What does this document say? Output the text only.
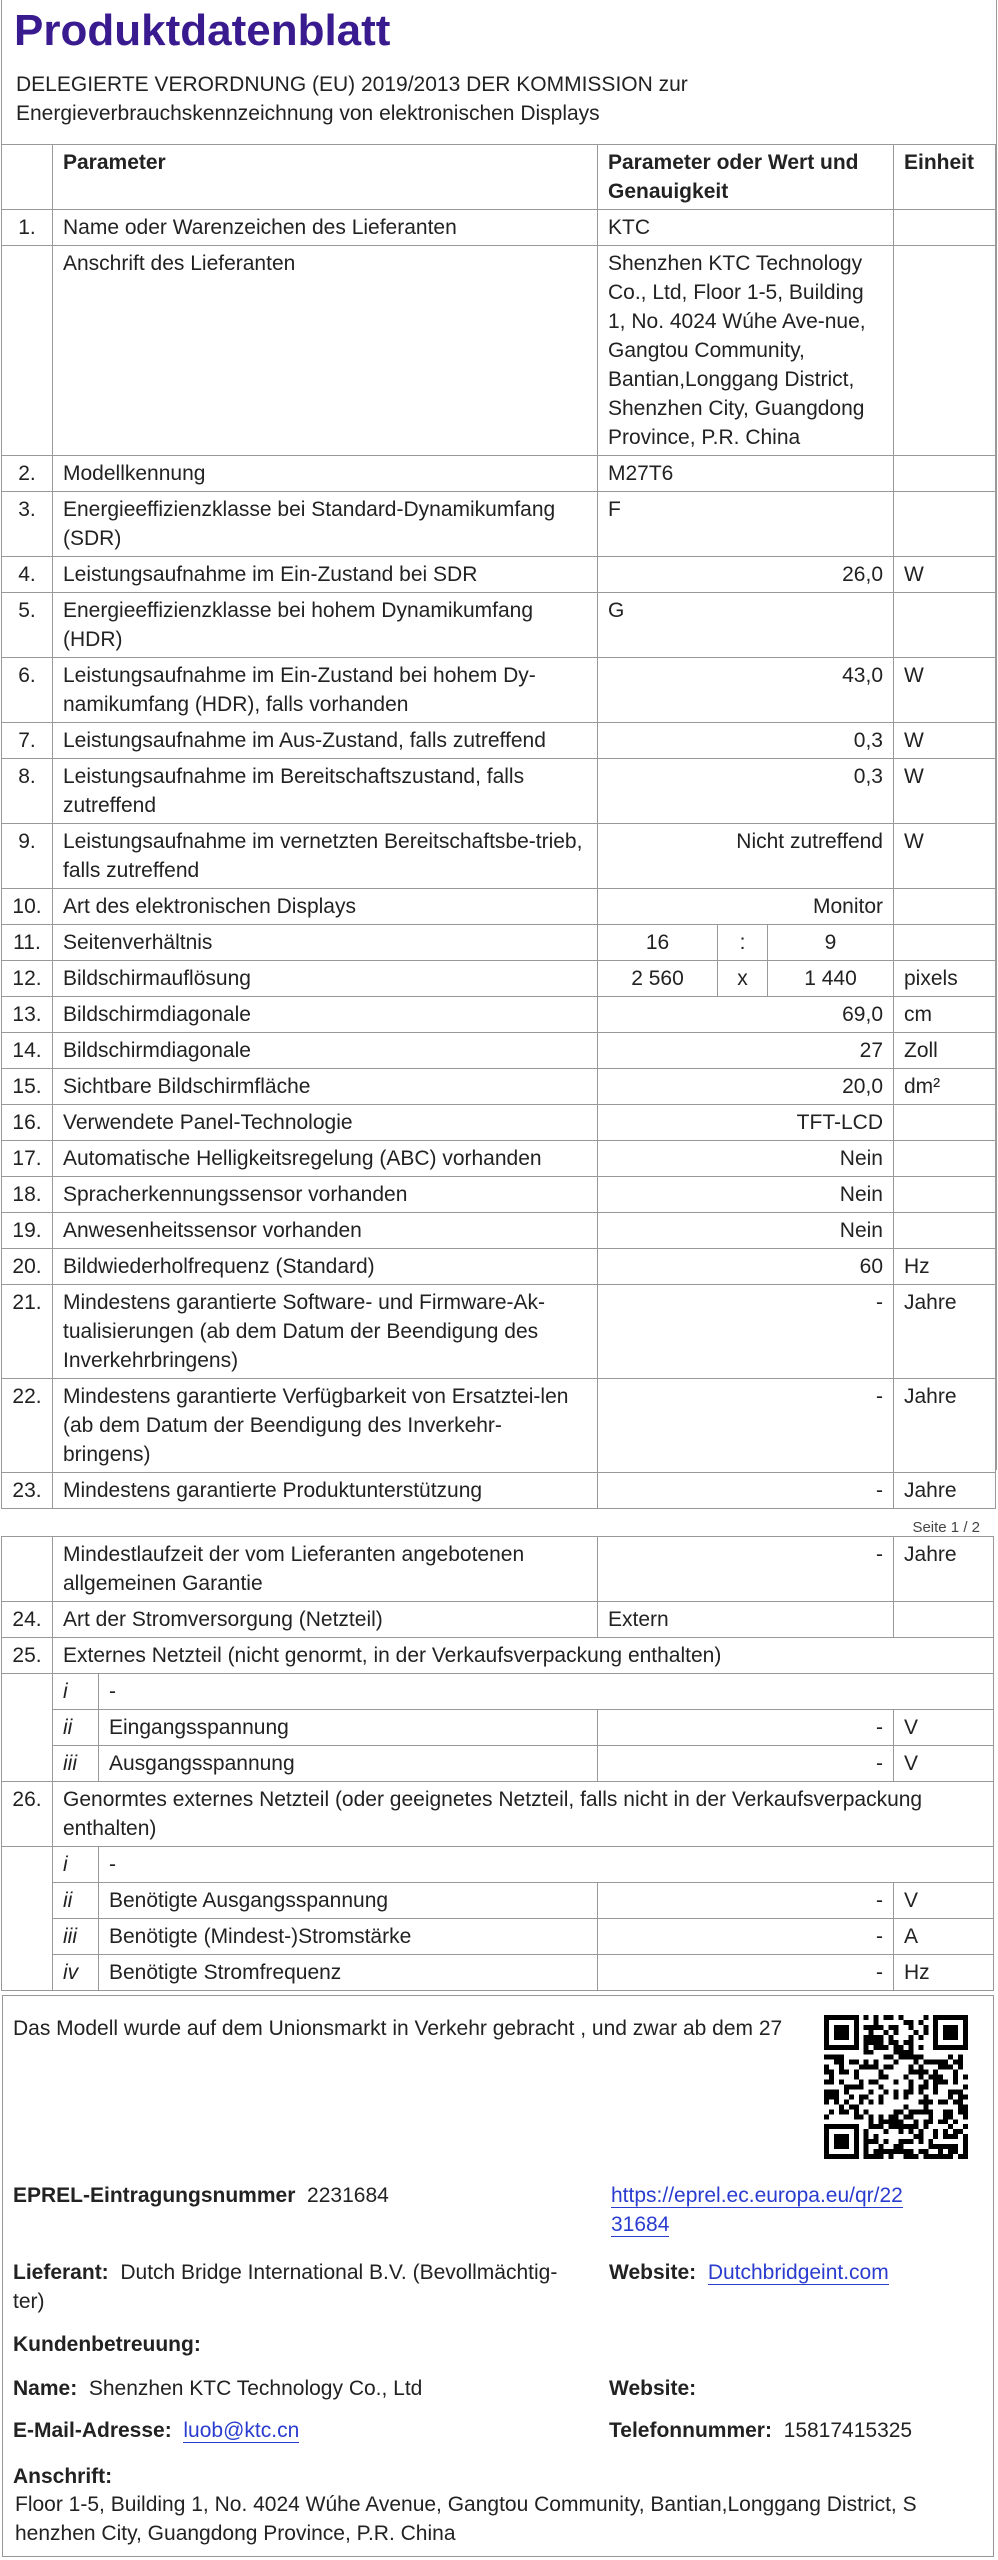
Produktdatenblatt
DELEGIERTE VERORDNUNG (EU) 2019/2013 DER KOMMISSION zur
Energieverbrauchskennzeichnung von elektronischen Displays
	Parameter	Parameter oder Wert und Genauigkeit			Einheit
1.	Name oder Warenzeichen des Lieferanten	KTC			
	Anschrift des Lieferanten	Shenzhen KTC Technology Co., Ltd, Floor 1-5, Building 1, No. 4024 Wúhe Ave-nue, Gangtou Community, Bantian,Longgang District, Shenzhen City, Guangdong Province, P.R. China			
2.	Modellkennung	M27T6			
3.	Energieeffizienzklasse bei Standard-Dynamikumfang (SDR)	F			
4.	Leistungsaufnahme im Ein-Zustand bei SDR	26,0			W
5.	Energieeffizienzklasse bei hohem Dynamikumfang (HDR)	G			
6.	Leistungsaufnahme im Ein-Zustand bei hohem Dy-namikumfang (HDR), falls vorhanden	43,0			W
7.	Leistungsaufnahme im Aus-Zustand, falls zutreffend	0,3			W
8.	Leistungsaufnahme im Bereitschaftszustand, falls zutreffend	0,3			W
9.	Leistungsaufnahme im vernetzten Bereitschaftsbe-trieb, falls zutreffend	Nicht zutreffend			W
10.	Art des elektronischen Displays	Monitor			
11.	Seitenverhältnis	16	:	9	
12.	Bildschirmauflösung	2 560	x	1 440	pixels
13.	Bildschirmdiagonale	69,0			cm
14.	Bildschirmdiagonale	27			Zoll
15.	Sichtbare Bildschirmfläche	20,0			dm²
16.	Verwendete Panel-Technologie	TFT-LCD			
17.	Automatische Helligkeitsregelung (ABC) vorhanden	Nein			
18.	Spracherkennungssensor vorhanden	Nein			
19.	Anwesenheitssensor vorhanden	Nein			
20.	Bildwiederholfrequenz (Standard)	60			Hz
21.	Mindestens garantierte Software- und Firmware-Ak-tualisierungen (ab dem Datum der Beendigung des Inverkehrbringens)	-			Jahre
22.	Mindestens garantierte Verfügbarkeit von Ersatztei-len (ab dem Datum der Beendigung des Inverkehr-bringens)	-			Jahre
23.	Mindestens garantierte Produktunterstützung	-			Jahre
Seite 1 / 2
	Mindestlaufzeit der vom Lieferanten angebotenen allgemeinen Garantie		-	Jahre
24.	Art der Stromversorgung (Netzteil)		Extern	
25.	Externes Netzteil (nicht genormt, in der Verkaufsverpackung enthalten)			
	i	-		
	ii	Eingangsspannung	-	V
	iii	Ausgangsspannung	-	V
26.	Genormtes externes Netzteil (oder geeignetes Netzteil, falls nicht in der Verkaufsverpackung enthalten)			
	i	-		
	ii	Benötigte Ausgangsspannung	-	V
	iii	Benötigte (Mindest-)Stromstärke	-	A
	iv	Benötigte Stromfrequenz	-	Hz
Das Modell wurde auf dem Unionsmarkt in Verkehr gebracht , und zwar ab dem 27
EPREL-Eintragungsnummer 2231684	https://eprel.ec.europa.eu/qr/22
31684
Lieferant: Dutch Bridge International B.V. (Bevollmächtig-
ter)
Website: Dutchbridgeint.com
Kundenbetreuung:
Name: Shenzhen KTC Technology Co., Ltd	Website:
E-Mail-Adresse: luob@ktc.cn	Telefonnummer: 15817415325
Anschrift:
Floor 1-5, Building 1, No. 4024 Wúhe Avenue, Gangtou Community, Bantian,Longgang District, S
henzhen City, Guangdong Province, P.R. China
